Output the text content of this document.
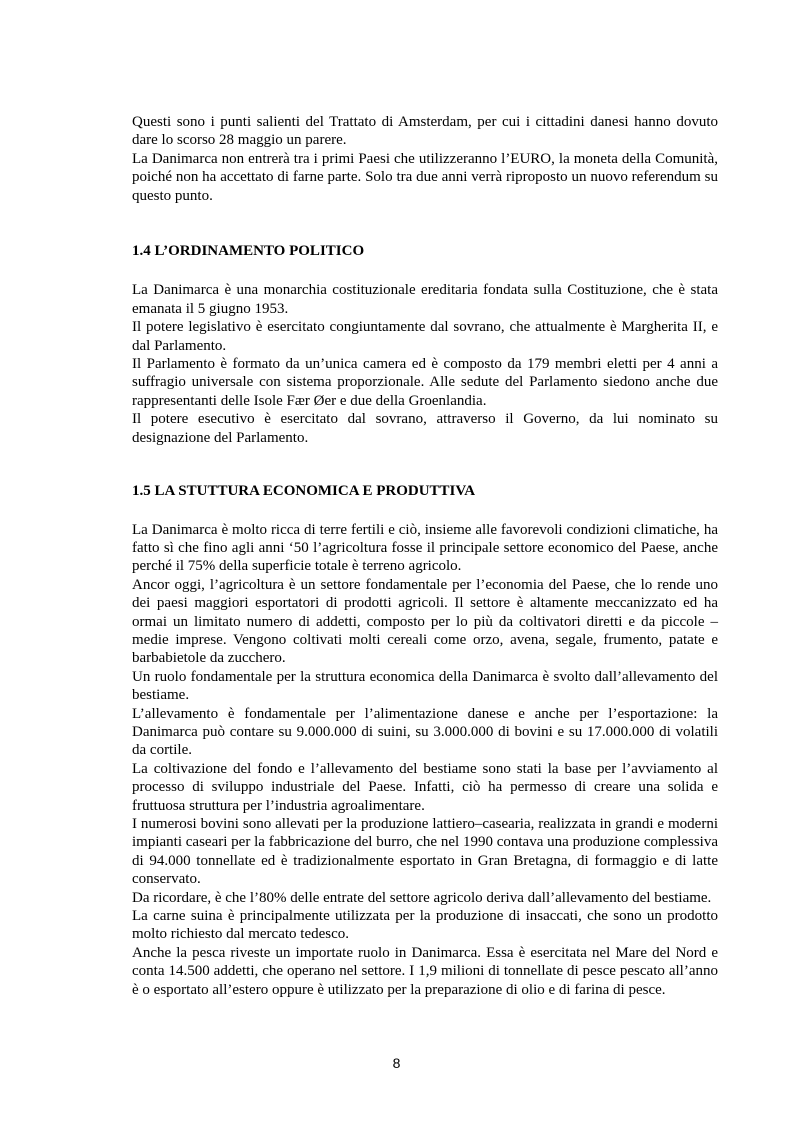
Questi sono i punti salienti del Trattato di Amsterdam, per cui i cittadini danesi hanno dovuto dare lo scorso 28 maggio un parere.

La Danimarca non entrerà tra i primi Paesi che utilizzeranno l’EURO, la moneta della Comunità, poiché non ha accettato di farne parte. Solo tra due anni verrà riproposto un nuovo referendum su questo punto.

1.4 L’ORDINAMENTO POLITICO

La Danimarca è una monarchia costituzionale ereditaria fondata sulla Costituzione, che è stata emanata il 5 giugno 1953.

Il potere legislativo è esercitato congiuntamente dal sovrano, che attualmente è Margherita II, e dal Parlamento.

Il Parlamento è formato da un’unica camera ed è composto da 179 membri eletti per 4 anni a suffragio universale con sistema proporzionale. Alle sedute del Parlamento siedono anche due rappresentanti delle Isole Fær Øer e due della Groenlandia.

Il potere esecutivo è esercitato dal sovrano, attraverso il Governo, da lui nominato su designazione del Parlamento.

1.5 LA STUTTURA ECONOMICA E PRODUTTIVA

La Danimarca è molto ricca di terre fertili e ciò, insieme alle favorevoli condizioni climatiche, ha fatto sì che fino agli anni ‘50 l’agricoltura fosse il principale settore economico del Paese, anche perché il 75% della superficie totale è terreno agricolo.

Ancor oggi, l’agricoltura è un settore fondamentale per l’economia del Paese, che lo rende uno dei paesi maggiori esportatori di prodotti agricoli. Il settore è altamente meccanizzato ed ha ormai un limitato numero di addetti, composto per lo più da coltivatori diretti e da piccole – medie imprese. Vengono coltivati molti cereali come orzo, avena, segale, frumento, patate e barbabietole da zucchero.

Un ruolo fondamentale per la struttura economica della Danimarca è svolto dall’allevamento del bestiame.

L’allevamento è fondamentale per l’alimentazione danese e anche per l’esportazione: la Danimarca può contare su 9.000.000 di suini, su 3.000.000 di bovini e su 17.000.000 di volatili da cortile.

La coltivazione del fondo e l’allevamento del bestiame sono stati la base per l’avviamento al processo di sviluppo industriale del Paese. Infatti, ciò ha permesso di creare una solida e fruttuosa struttura per l’industria agroalimentare.

I numerosi bovini sono allevati per la produzione lattiero–casearia, realizzata in grandi e moderni impianti caseari per la fabbricazione del burro, che nel 1990 contava una produzione complessiva di 94.000 tonnellate ed è tradizionalmente esportato in Gran Bretagna, di formaggio e di latte conservato.

Da ricordare, è che l’80% delle entrate del settore agricolo deriva dall’allevamento del bestiame.

La carne suina è principalmente utilizzata per la produzione di insaccati, che sono un prodotto molto richiesto dal mercato tedesco.

Anche la pesca riveste un importate ruolo in Danimarca. Essa è esercitata nel Mare del Nord e conta 14.500 addetti, che operano nel settore. I 1,9 milioni di tonnellate di pesce pescato all’anno è o esportato all’estero oppure è utilizzato per la preparazione di olio e di farina di pesce.

8
